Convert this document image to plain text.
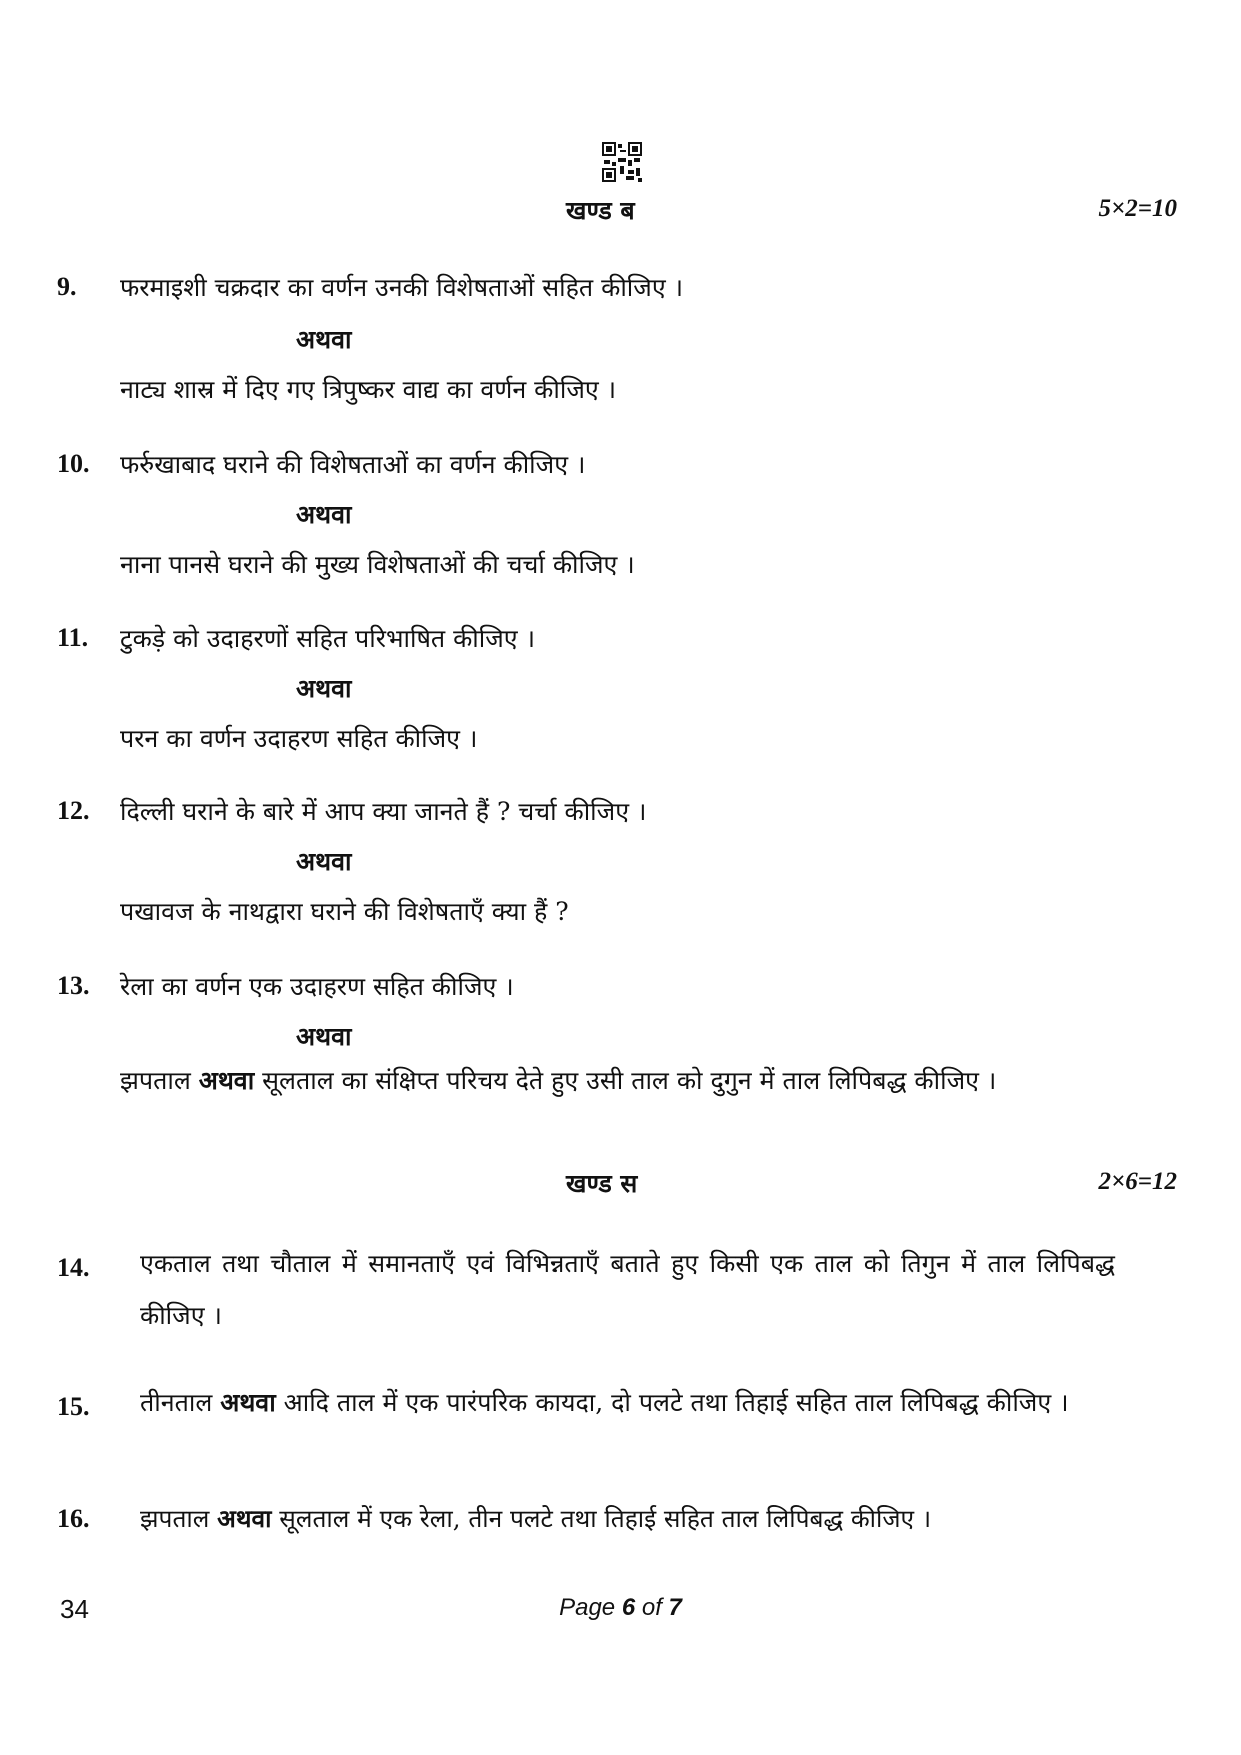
खण्ड ब	5×2=10
9. फरमाइशी चक्रदार का वर्णन उनकी विशेषताओं सहित कीजिए ।
अथवा
नाट्य शास्र में दिए गए त्रिपुष्कर वाद्य का वर्णन कीजिए ।
10. फर्रुखाबाद घराने की विशेषताओं का वर्णन कीजिए ।
अथवा
नाना पानसे घराने की मुख्य विशेषताओं की चर्चा कीजिए ।
11. टुकड़े को उदाहरणों सहित परिभाषित कीजिए ।
अथवा
परन का वर्णन उदाहरण सहित कीजिए ।
12. दिल्ली घराने के बारे में आप क्या जानते हैं ? चर्चा कीजिए ।
अथवा
पखावज के नाथद्वारा घराने की विशेषताएँ क्या हैं ?
13. रेला का वर्णन एक उदाहरण सहित कीजिए ।
अथवा
झपताल अथवा सूलताल का संक्षिप्त परिचय देते हुए उसी ताल को दुगुन में ताल लिपिबद्ध कीजिए ।
खण्ड स	2×6=12
14. एकताल तथा चौताल में समानताएँ एवं विभिन्नताएँ बताते हुए किसी एक ताल को तिगुन में ताल लिपिबद्ध कीजिए ।
15. तीनताल अथवा आदि ताल में एक पारंपरिक कायदा, दो पलटे तथा तिहाई सहित ताल लिपिबद्ध कीजिए ।
16. झपताल अथवा सूलताल में एक रेला, तीन पलटे तथा तिहाई सहित ताल लिपिबद्ध कीजिए ।
34	Page 6 of 7
